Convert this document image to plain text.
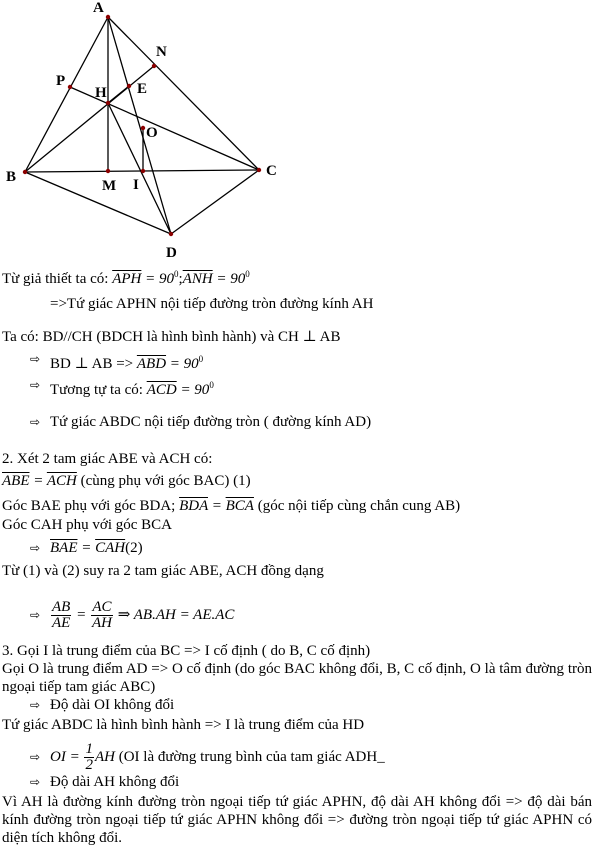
A
N
P
H E
O
B	C
M I
D
Từ giả thiết ta có: $\overline{APH}$ = $90^0;\overline{ANH} = 90^0$
=>Tứ giác APHN nội tiếp đường tròn đường kính AH
Ta có: BD//CH (BDCH là hình bình hành) và CH ⊥ AB
⇨ BD ⊥ AB => $\overline{ABD} = 90^0$
⇨ Tương tự ta có: $\overline{ACD} = 90^0$
⇨ Tứ giác ABDC nội tiếp đường tròn ( đường kính AD)
2. Xét 2 tam giác ABE và ACH có:
$\overline{ABE} = \overline{ACH}$ (cùng phụ với góc BAC) (1)
Góc BAE phụ với góc BDA; $\overline{BDA} = \overline{BCA}$ (góc nội tiếp cùng chắn cung AB)
Góc CAH phụ với góc BCA
⇨ $\overline{BAE} = \overline{CAH}(2)$
Từ (1) và (2) suy ra 2 tam giác ABE, ACH đồng dạng
⇨ $\frac{AB}{AE} = \frac{AC}{AH}$ ⇒ AB.AH = AE.AC
3. Gọi I là trung điểm của BC => I cố định ( do B, C cố định)
Gọi O là trung điểm AD => O cố định (do góc BAC không đổi, B, C cố định, O là tâm đường tròn ngoại tiếp tam giác ABC)
⇨ Độ dài OI không đổi
Tứ giác ABDC là hình bình hành => I là trung điểm của HD
⇨ OI = $\frac{1}{2}$ AH (OI là đường trung bình của tam giác ADH_
⇨ Độ dài AH không đổi
Vì AH là đường kính đường tròn ngoại tiếp tứ giác APHN, độ dài AH không đổi => độ dài bán kính đường tròn ngoại tiếp tứ giác APHN không đổi => đường tròn ngoại tiếp tứ giác APHN có diện tích không đổi.
